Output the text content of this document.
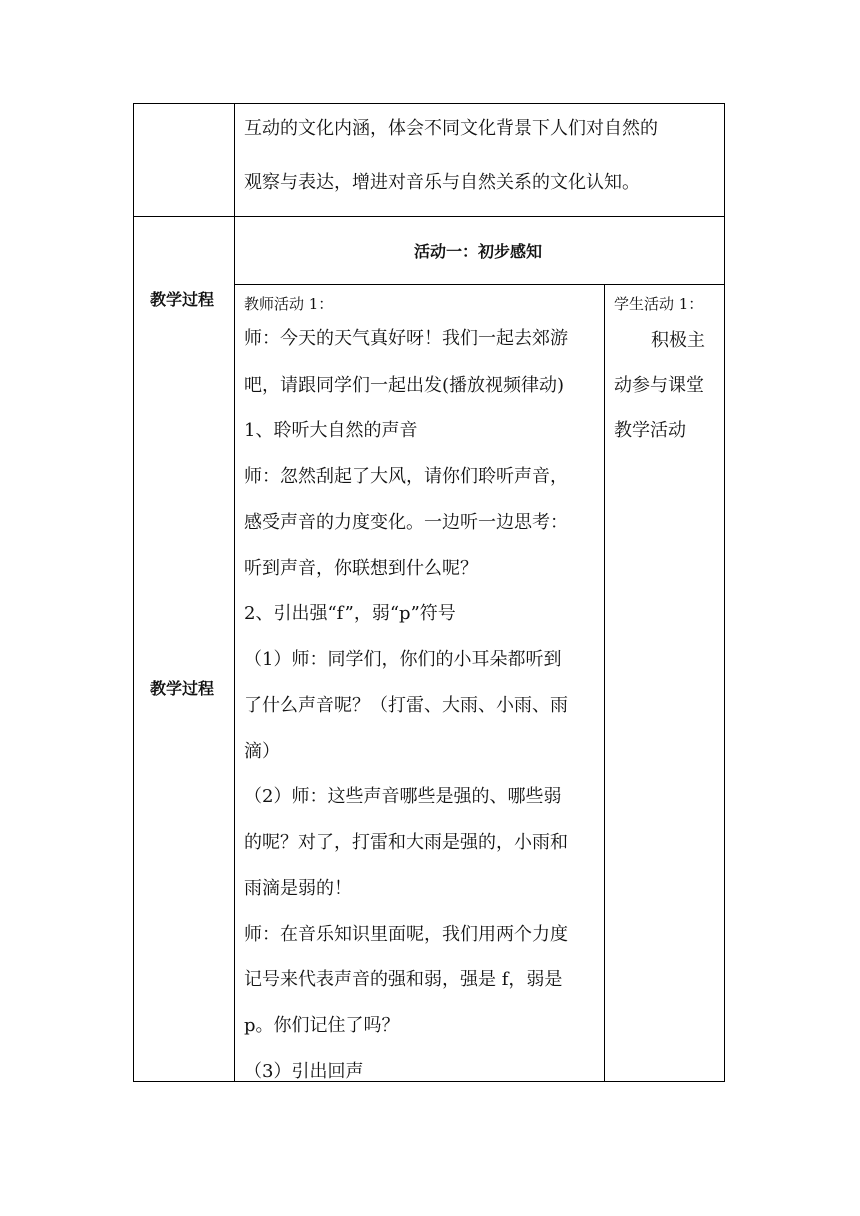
互动的文化内涵，体会不同文化背景下人们对自然的
观察与表达，增进对音乐与自然关系的文化认知。
教学过程
教学过程
活动一：初步感知
教师活动 1：
师：今天的天气真好呀！我们一起去郊游
吧，请跟同学们一起出发(播放视频律动)
1、聆听大自然的声音
师：忽然刮起了大风，请你们聆听声音，
感受声音的力度变化。一边听一边思考：
听到声音，你联想到什么呢？
2、引出强“f”，弱“p”符号
（1）师：同学们，你们的小耳朵都听到
了什么声音呢？（打雷、大雨、小雨、雨
滴）
（2）师：这些声音哪些是强的、哪些弱
的呢？对了，打雷和大雨是强的，小雨和
雨滴是弱的！
师：在音乐知识里面呢，我们用两个力度
记号来代表声音的强和弱，强是 f，弱是
p。你们记住了吗？
（3）引出回声
学生活动 1：
积极主
动参与课堂
教学活动
